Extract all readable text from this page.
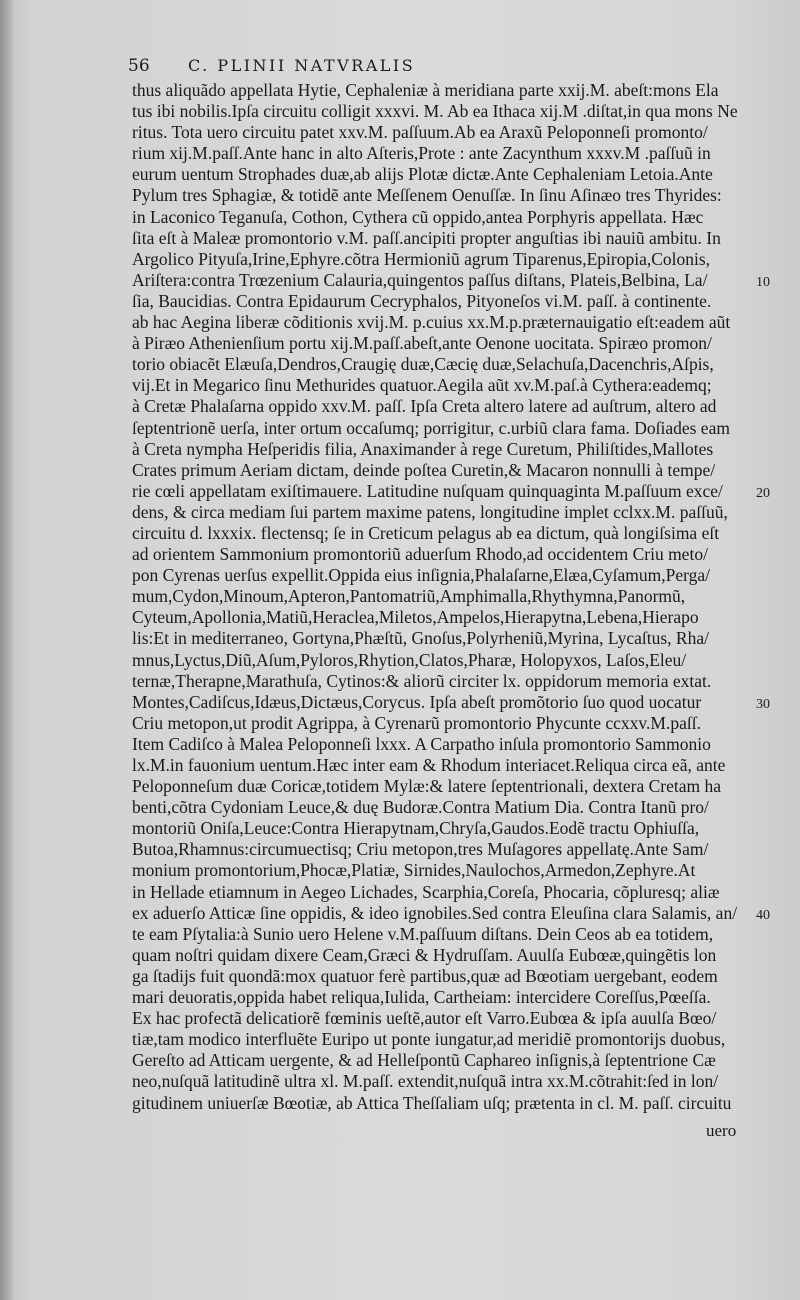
56 C. PLINII NATVRALIS
thus aliquãdo appellata Hytie, Cephaleniæ à meridiana parte xxij.M. abeſt:mons Ela
tus ibi nobilis.Ipſa circuitu colligit xxxvi. M. Ab ea Ithaca xij.M .diſtat,in qua mons Ne
ritus. Tota uero circuitu patet xxv.M. paſſuum.Ab ea Araxũ Peloponneſi promonto/
rium xij.M.paſſ.Ante hanc in alto Aſteris,Prote : ante Zacynthum xxxv.M .paſſuũ in
eurum uentum Strophades duæ,ab alijs Plotæ dictæ.Ante Cephaleniam Letoia.Ante
Pylum tres Sphagiæ, & totidẽ ante Meſſenem Oenuſſæ. In ſinu Aſinæo tres Thyrides:
in Laconico Teganuſa, Cothon, Cythera cũ oppido,antea Porphyris appellata. Hæc
ſita eſt à Maleæ promontorio v.M. paſſ.ancipiti propter anguſtias ibi nauiũ ambitu. In
Argolico Pityuſa,Irine,Ephyre.cõtra Hermioniũ agrum Tiparenus,Epiropia,Colonis,
Ariſtera:contra Trœzenium Calauria,quingentos paſſus diſtans, Plateis,Belbina, La/
ſia, Baucidias. Contra Epidaurum Cecryphalos, Pityoneſos vi.M. paſſ. à continente.
ab hac Aegina liberæ cõditionis xvij.M. p.cuius xx.M.p.præternauigatio eſt:eadem aũt
à Piræo Athenienſium portu xij.M.paſſ.abeſt,ante Oenone uocitata. Spiræo promon/
torio obiacẽt Elæuſa,Dendros,Craugię duæ,Cæcię duæ,Selachuſa,Dacenchris,Aſpis,
vij.Et in Megarico ſinu Methurides quatuor.Aegila aũt xv.M.paſ.à Cythera:eademq;
à Cretæ Phalaſarna oppido xxv.M. paſſ. Ipſa Creta altero latere ad auſtrum, altero ad
ſeptentrionẽ uerſa, inter ortum occaſumq; porrigitur, c.urbiũ clara fama. Doſiades eam
à Creta nympha Heſperidis filia, Anaximander à rege Curetum, Philiſtides,Mallotes
Crates primum Aeriam dictam, deinde poſtea Curetin,& Macaron nonnulli à tempe/
rie cœli appellatam exiſtimauere. Latitudine nuſquam quinquaginta M.paſſuum exce/
dens, & circa mediam ſui partem maxime patens, longitudine implet cclxx.M. paſſuũ,
circuitu d. lxxxix. flectensq; ſe in Creticum pelagus ab ea dictum, quà longiſsima eſt
ad orientem Sammonium promontoriũ aduerſum Rhodo,ad occidentem Criu meto/
pon Cyrenas uerſus expellit.Oppida eius inſignia,Phalaſarne,Elæa,Cyſamum,Perga/
mum,Cydon,Minoum,Apteron,Pantomatriũ,Amphimalla,Rhythymna,Panormũ,
Cyteum,Apollonia,Matiũ,Heraclea,Miletos,Ampelos,Hierapytna,Lebena,Hierapo
lis:Et in mediterraneo, Gortyna,Phæſtũ, Gnoſus,Polyrheniũ,Myrina, Lycaſtus, Rha/
mnus,Lyctus,Diũ,Aſum,Pyloros,Rhytion,Clatos,Pharæ, Holopyxos, Laſos,Eleu/
ternæ,Therapne,Marathuſa, Cytinos:& aliorũ circiter lx. oppidorum memoria extat.
Montes,Cadiſcus,Idæus,Dictæus,Corycus. Ipſa abeſt promõtorio ſuo quod uocatur
Criu metopon,ut prodit Agrippa, à Cyrenarũ promontorio Phycunte ccxxv.M.paſſ.
Item Cadiſco à Malea Peloponneſi lxxx. A Carpatho inſula promontorio Sammonio
lx.M.in fauonium uentum.Hæc inter eam & Rhodum interiacet.Reliqua circa eã, ante
Peloponneſum duæ Coricæ,totidem Mylæ:& latere ſeptentrionali, dextera Cretam ha
benti,cõtra Cydoniam Leuce,& duę Budoræ.Contra Matium Dia. Contra Itanũ pro/
montoriũ Oniſa,Leuce:Contra Hierapytnam,Chryſa,Gaudos.Eodẽ tractu Ophiuſſa,
Butoa,Rhamnus:circumuectisq; Criu metopon,tres Muſagores appellatę.Ante Sam/
monium promontorium,Phocæ,Platiæ, Sirnides,Naulochos,Armedon,Zephyre.At
in Hellade etiamnum in Aegeo Lichades, Scarphia,Coreſa, Phocaria, cõpluresq; aliæ
ex aduerſo Atticæ ſine oppidis, & ideo ignobiles.Sed contra Eleuſina clara Salamis, an/
te eam Pſytalia:à Sunio uero Helene v.M.paſſuum diſtans. Dein Ceos ab ea totidem,
quam noſtri quidam dixere Ceam,Græci & Hydruſſam. Auulſa Eubœæ,quingẽtis lon
ga ſtadijs fuit quondã:mox quatuor ferè partibus,quæ ad Bœotiam uergebant, eodem
mari deuoratis,oppida habet reliqua,Iulida, Cartheiam: intercidere Coreſſus,Pœeſſa.
Ex hac profectã delicatiorẽ fœminis ueſtẽ,autor eſt Varro.Eubœa & ipſa auulſa Bœo/
tiæ,tam modico interfluẽte Euripo ut ponte iungatur,ad meridiẽ promontorijs duobus,
Gereſto ad Atticam uergente, & ad Helleſpontũ Caphareo inſignis,à ſeptentrione Cæ
neo,nuſquã latitudinẽ ultra xl. M.paſſ. extendit,nuſquã intra xx.M.cõtrahit:ſed in lon/
gitudinem uniuerſæ Bœotiæ, ab Attica Theſſaliam uſq; prætenta in cl. M. paſſ. circuitu
10
20
30
40
uero
